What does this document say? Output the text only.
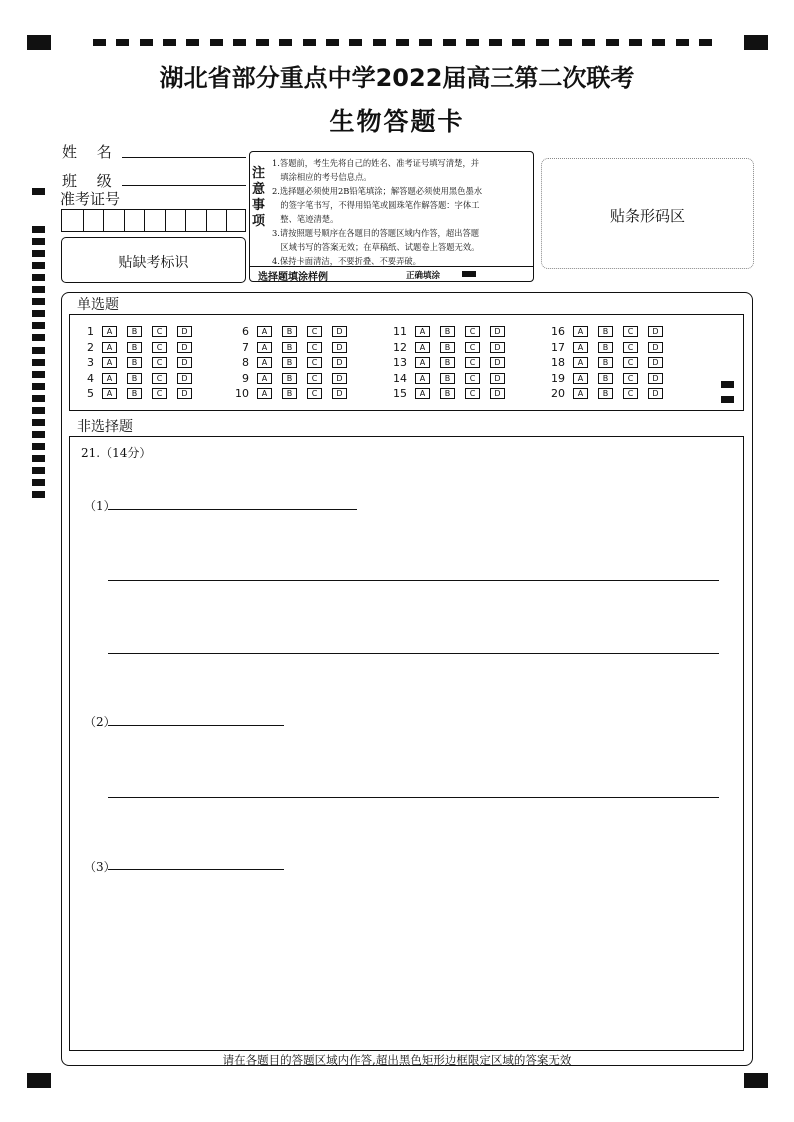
湖北省部分重点中学2022届高三第二次联考
生物答题卡
姓　 名
班　 级
准考证号
贴缺考标识
注
意
事
项
1.答题前，考生先将自己的姓名、准考证号填写清楚，并
　填涂相应的考号信息点。
2.选择题必须使用2B铅笔填涂；解答题必须使用黑色墨水
　的签字笔书写，不得用铅笔或圆珠笔作解答题：字体工
　整、笔迹清楚。
3.请按照题号顺序在各题目的答题区域内作答，超出答题
　区域书写的答案无效；在草稿纸、试题卷上答题无效。
4.保持卡面清洁，不要折叠、不要弄破。
选择题填涂样例	正确填涂
贴条形码区
单选题
1	A	B	C	D
2	A	B	C	D
3	A	B	C	D
4	A	B	C	D
5	A	B	C	D
6	A	B	C	D
7	A	B	C	D
8	A	B	C	D
9	A	B	C	D
10	A	B	C	D
11	A	B	C	D
12	A	B	C	D
13	A	B	C	D
14	A	B	C	D
15	A	B	C	D
16	A	B	C	D
17	A	B	C	D
18	A	B	C	D
19	A	B	C	D
20	A	B	C	D
非选择题
21.（14分）
（1）
（2）
（3）
请在各题目的答题区域内作答,超出黑色矩形边框限定区域的答案无效
